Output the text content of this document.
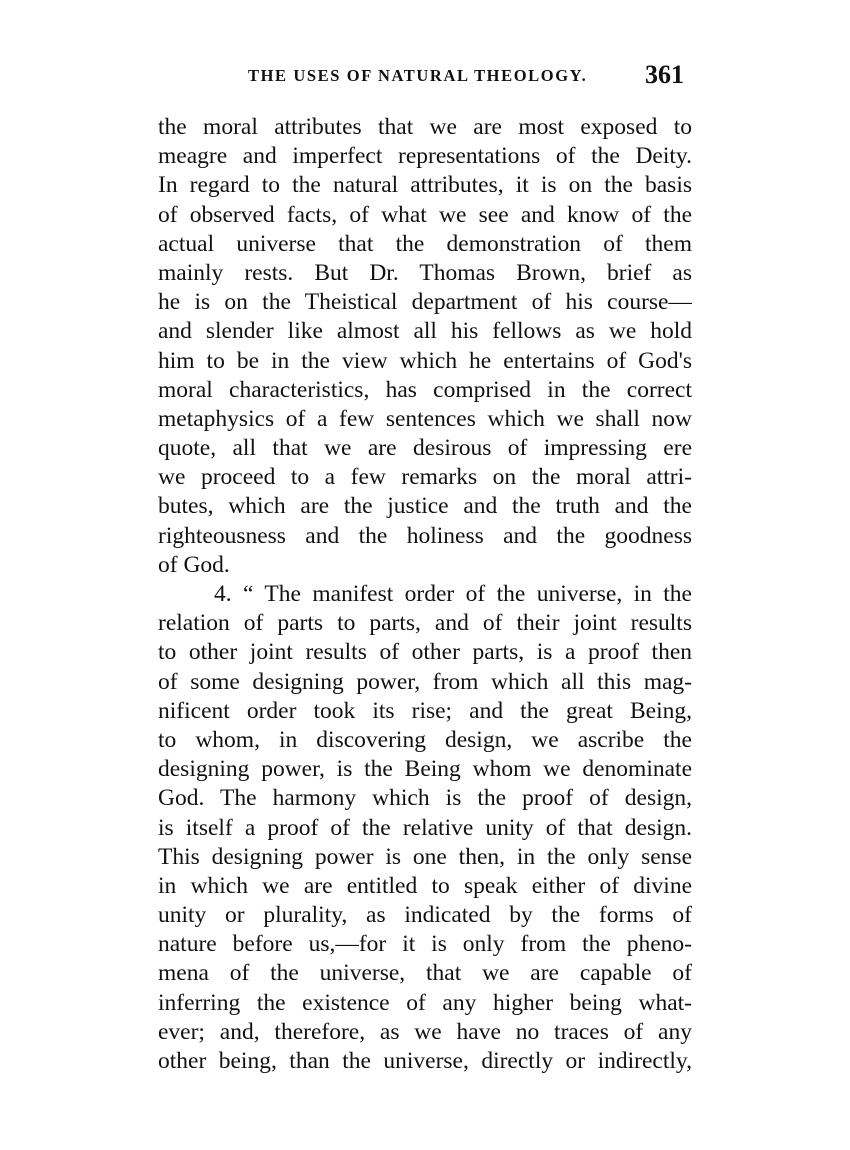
THE USES OF NATURAL THEOLOGY. 361
the moral attributes that we are most exposed to
meagre and imperfect representations of the Deity.
In regard to the natural attributes, it is on the basis
of observed facts, of what we see and know of the
actual universe that the demonstration of them
mainly rests. But Dr. Thomas Brown, brief as
he is on the Theistical department of his course—
and slender like almost all his fellows as we hold
him to be in the view which he entertains of God's
moral characteristics, has comprised in the correct
metaphysics of a few sentences which we shall now
quote, all that we are desirous of impressing ere
we proceed to a few remarks on the moral attri-
butes, which are the justice and the truth and the
righteousness and the holiness and the goodness
of God.
4. “ The manifest order of the universe, in the
relation of parts to parts, and of their joint results
to other joint results of other parts, is a proof then
of some designing power, from which all this mag-
nificent order took its rise; and the great Being,
to whom, in discovering design, we ascribe the
designing power, is the Being whom we denominate
God. The harmony which is the proof of design,
is itself a proof of the relative unity of that design.
This designing power is one then, in the only sense
in which we are entitled to speak either of divine
unity or plurality, as indicated by the forms of
nature before us,—for it is only from the pheno-
mena of the universe, that we are capable of
inferring the existence of any higher being what-
ever; and, therefore, as we have no traces of any
other being, than the universe, directly or indirectly,
